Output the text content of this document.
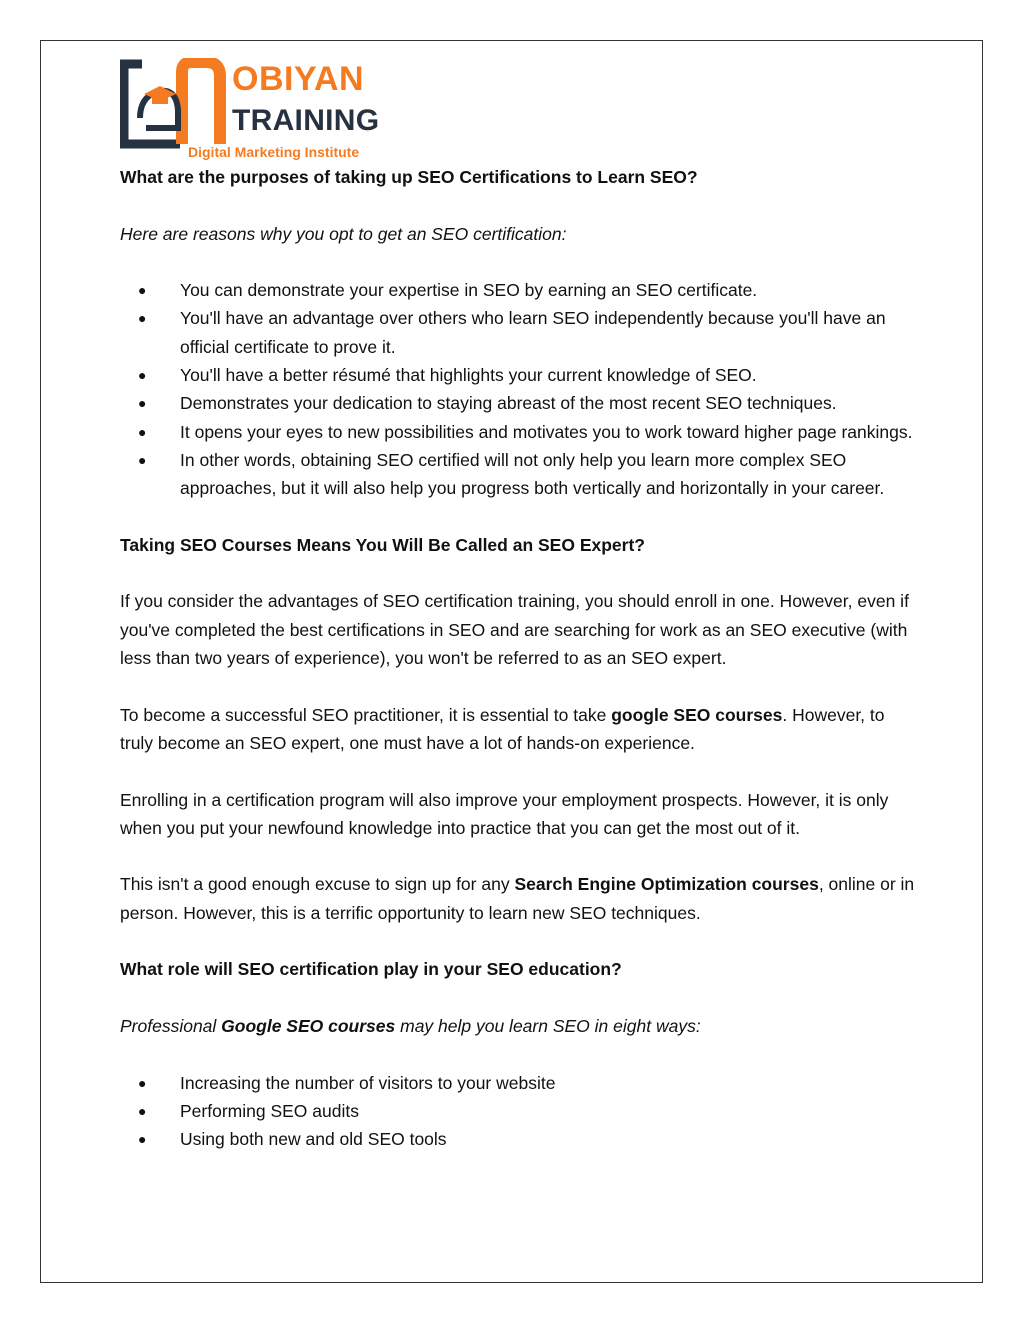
OBIYAN
TRAINING
Digital Marketing Institute

What are the purposes of taking up SEO Certifications to Learn SEO?

Here are reasons why you opt to get an SEO certification:

● You can demonstrate your expertise in SEO by earning an SEO certificate.
● You'll have an advantage over others who learn SEO independently because you'll have an official certificate to prove it.
● You'll have a better résumé that highlights your current knowledge of SEO.
● Demonstrates your dedication to staying abreast of the most recent SEO techniques.
● It opens your eyes to new possibilities and motivates you to work toward higher page rankings.
● In other words, obtaining SEO certified will not only help you learn more complex SEO approaches, but it will also help you progress both vertically and horizontally in your career.

Taking SEO Courses Means You Will Be Called an SEO Expert?

If you consider the advantages of SEO certification training, you should enroll in one. However, even if you've completed the best certifications in SEO and are searching for work as an SEO executive (with less than two years of experience), you won't be referred to as an SEO expert.

To become a successful SEO practitioner, it is essential to take google SEO courses. However, to truly become an SEO expert, one must have a lot of hands-on experience.

Enrolling in a certification program will also improve your employment prospects. However, it is only when you put your newfound knowledge into practice that you can get the most out of it.

This isn't a good enough excuse to sign up for any Search Engine Optimization courses, online or in person. However, this is a terrific opportunity to learn new SEO techniques.

What role will SEO certification play in your SEO education?

Professional Google SEO courses may help you learn SEO in eight ways:

● Increasing the number of visitors to your website
● Performing SEO audits
● Using both new and old SEO tools
